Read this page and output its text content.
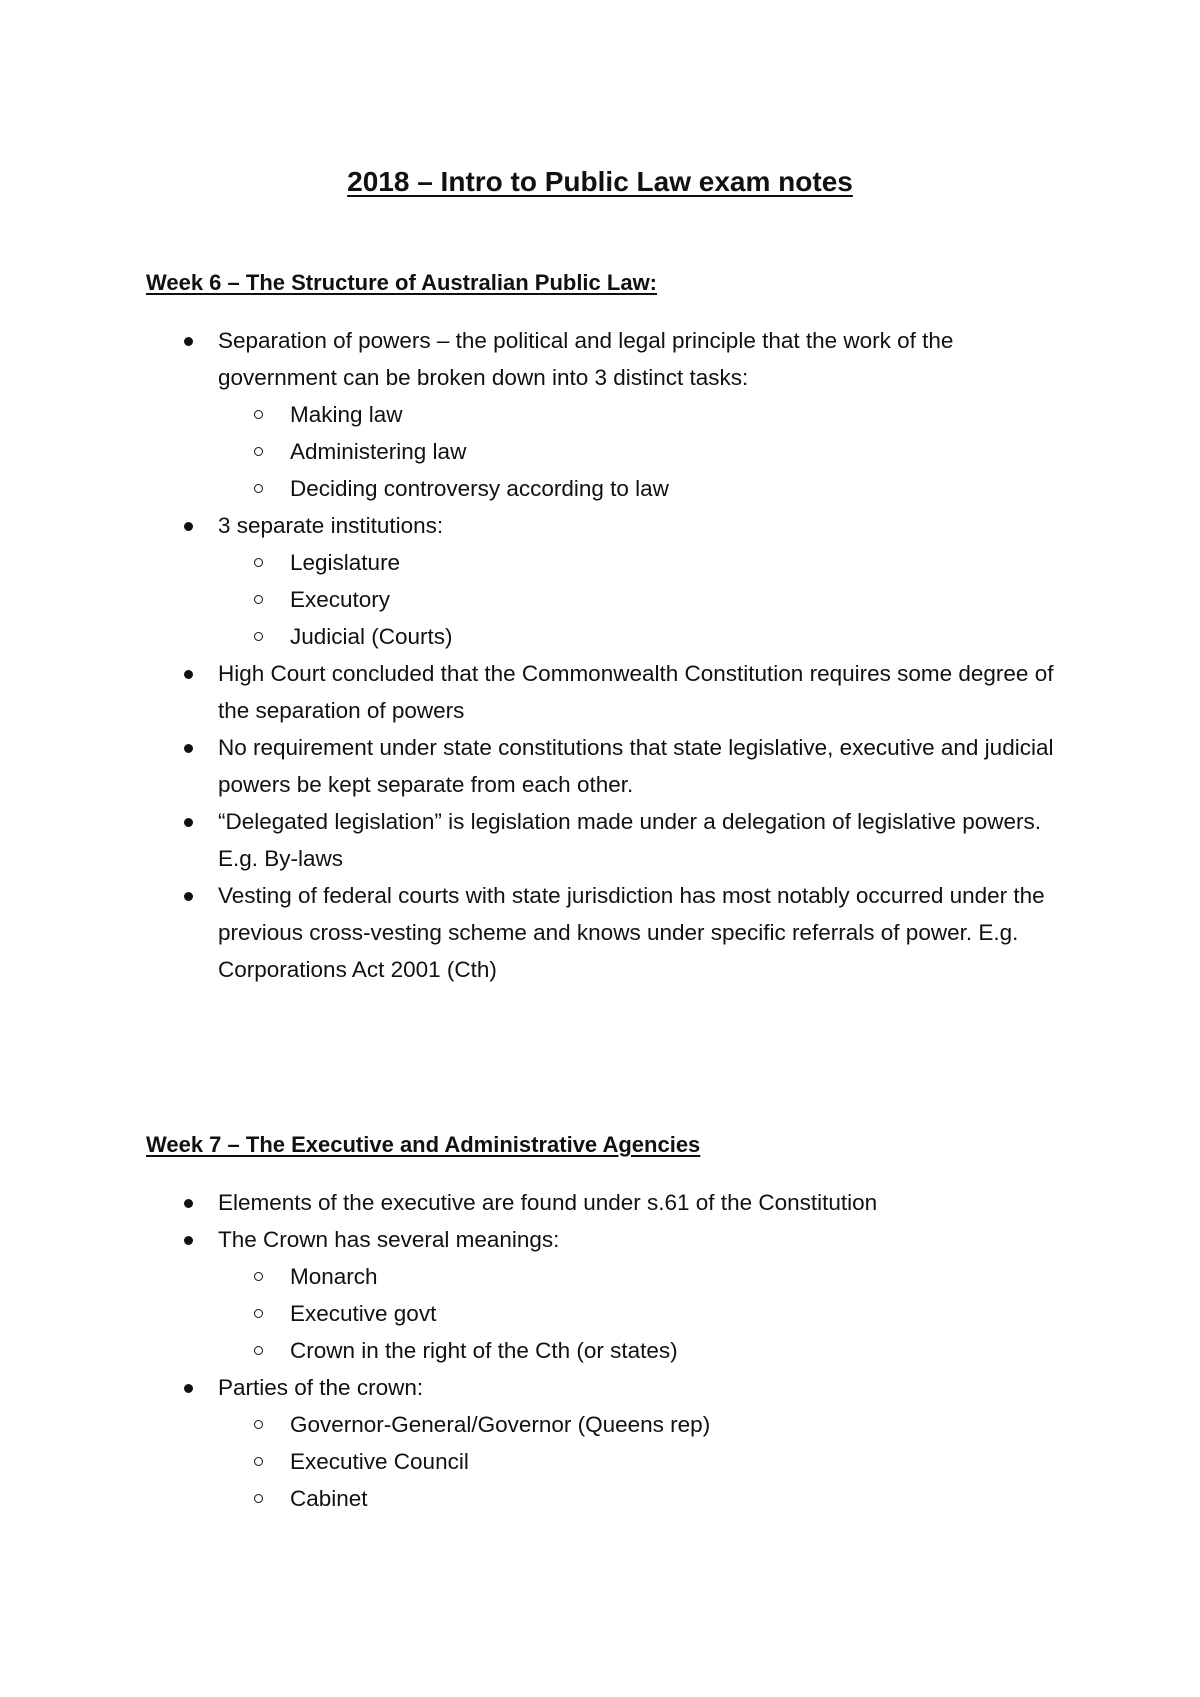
2018 – Intro to Public Law exam notes
Week 6 – The Structure of Australian Public Law:
Separation of powers – the political and legal principle that the work of the government can be broken down into 3 distinct tasks:
Making law
Administering law
Deciding controversy according to law
3 separate institutions:
Legislature
Executory
Judicial (Courts)
High Court concluded that the Commonwealth Constitution requires some degree of the separation of powers
No requirement under state constitutions that state legislative, executive and judicial powers be kept separate from each other.
“Delegated legislation” is legislation made under a delegation of legislative powers. E.g. By-laws
Vesting of federal courts with state jurisdiction has most notably occurred under the previous cross-vesting scheme and knows under specific referrals of power. E.g. Corporations Act 2001 (Cth)
Week 7 – The Executive and Administrative Agencies
Elements of the executive are found under s.61 of the Constitution
The Crown has several meanings:
Monarch
Executive govt
Crown in the right of the Cth (or states)
Parties of the crown:
Governor-General/Governor (Queens rep)
Executive Council
Cabinet
